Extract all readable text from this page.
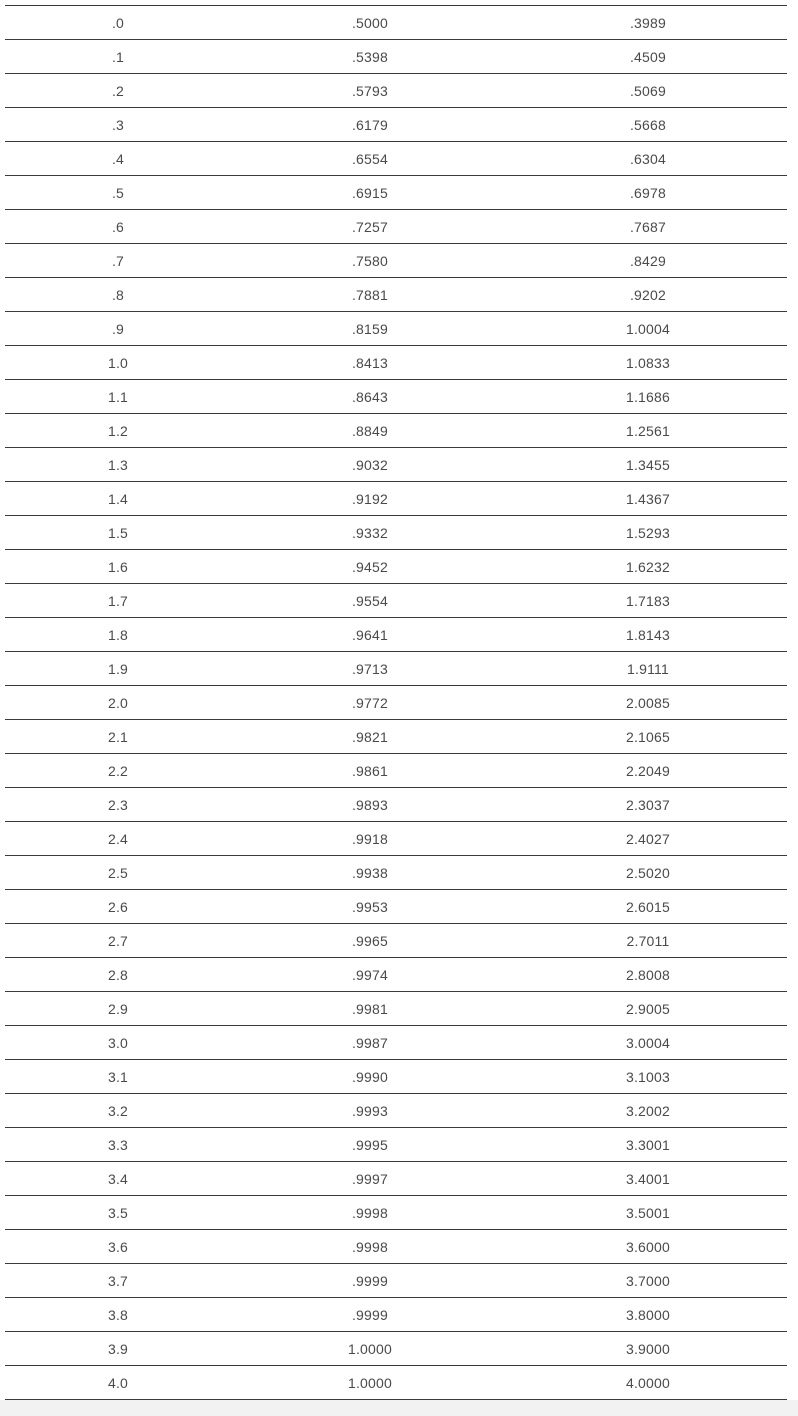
.0	.5000	.3989
.1	.5398	.4509
.2	.5793	.5069
.3	.6179	.5668
.4	.6554	.6304
.5	.6915	.6978
.6	.7257	.7687
.7	.7580	.8429
.8	.7881	.9202
.9	.8159	1.0004
1.0	.8413	1.0833
1.1	.8643	1.1686
1.2	.8849	1.2561
1.3	.9032	1.3455
1.4	.9192	1.4367
1.5	.9332	1.5293
1.6	.9452	1.6232
1.7	.9554	1.7183
1.8	.9641	1.8143
1.9	.9713	1.9111
2.0	.9772	2.0085
2.1	.9821	2.1065
2.2	.9861	2.2049
2.3	.9893	2.3037
2.4	.9918	2.4027
2.5	.9938	2.5020
2.6	.9953	2.6015
2.7	.9965	2.7011
2.8	.9974	2.8008
2.9	.9981	2.9005
3.0	.9987	3.0004
3.1	.9990	3.1003
3.2	.9993	3.2002
3.3	.9995	3.3001
3.4	.9997	3.4001
3.5	.9998	3.5001
3.6	.9998	3.6000
3.7	.9999	3.7000
3.8	.9999	3.8000
3.9	1.0000	3.9000
4.0	1.0000	4.0000
